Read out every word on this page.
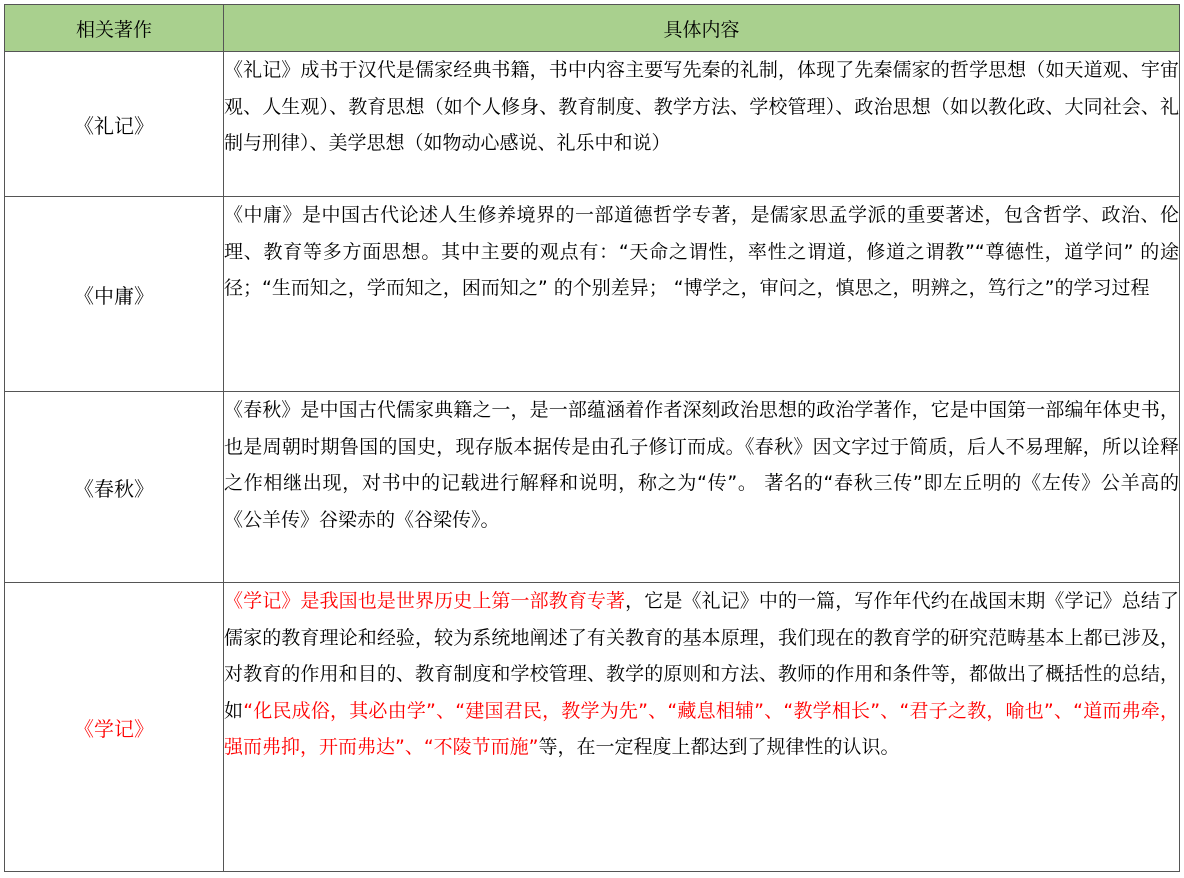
相关著作	具体内容
《礼记》	《礼记》成书于汉代是儒家经典书籍，书中内容主要写先秦的礼制，体现了先秦儒家的哲学思想（如天道观、宇宙观、人生观）、教育思想（如个人修身、教育制度、教学方法、学校管理）、政治思想（如以教化政、大同社会、礼制与刑律）、美学思想（如物动心感说、礼乐中和说）
《中庸》	《中庸》是中国古代论述人生修养境界的一部道德哲学专著，是儒家思孟学派的重要著述，包含哲学、政治、伦理、教育等多方面思想。其中主要的观点有：“天命之谓性，率性之谓道，修道之谓教”“尊德性，道学问” 的途径；“生而知之，学而知之，困而知之” 的个别差异； “博学之，审问之，慎思之，明辨之，笃行之”的学习过程
《春秋》	《春秋》是中国古代儒家典籍之一，是一部蕴涵着作者深刻政治思想的政治学著作，它是中国第一部编年体史书，也是周朝时期鲁国的国史，现存版本据传是由孔子修订而成。《春秋》因文字过于简质，后人不易理解，所以诠释之作相继出现，对书中的记载进行解释和说明，称之为“传”。 著名的“春秋三传”即左丘明的《左传》公羊高的《公羊传》谷梁赤的《谷梁传》。
《学记》	《学记》是我国也是世界历史上第一部教育专著，它是《礼记》中的一篇，写作年代约在战国末期《学记》总结了儒家的教育理论和经验，较为系统地阐述了有关教育的基本原理，我们现在的教育学的研究范畴基本上都已涉及，对教育的作用和目的、教育制度和学校管理、教学的原则和方法、教师的作用和条件等，都做出了概括性的总结，如“化民成俗，其必由学”、“建国君民，教学为先”、“藏息相辅”、“教学相长”、“君子之教，喻也”、“道而弗牵，强而弗抑，开而弗达”、“不陵节而施”等，在一定程度上都达到了规律性的认识。
